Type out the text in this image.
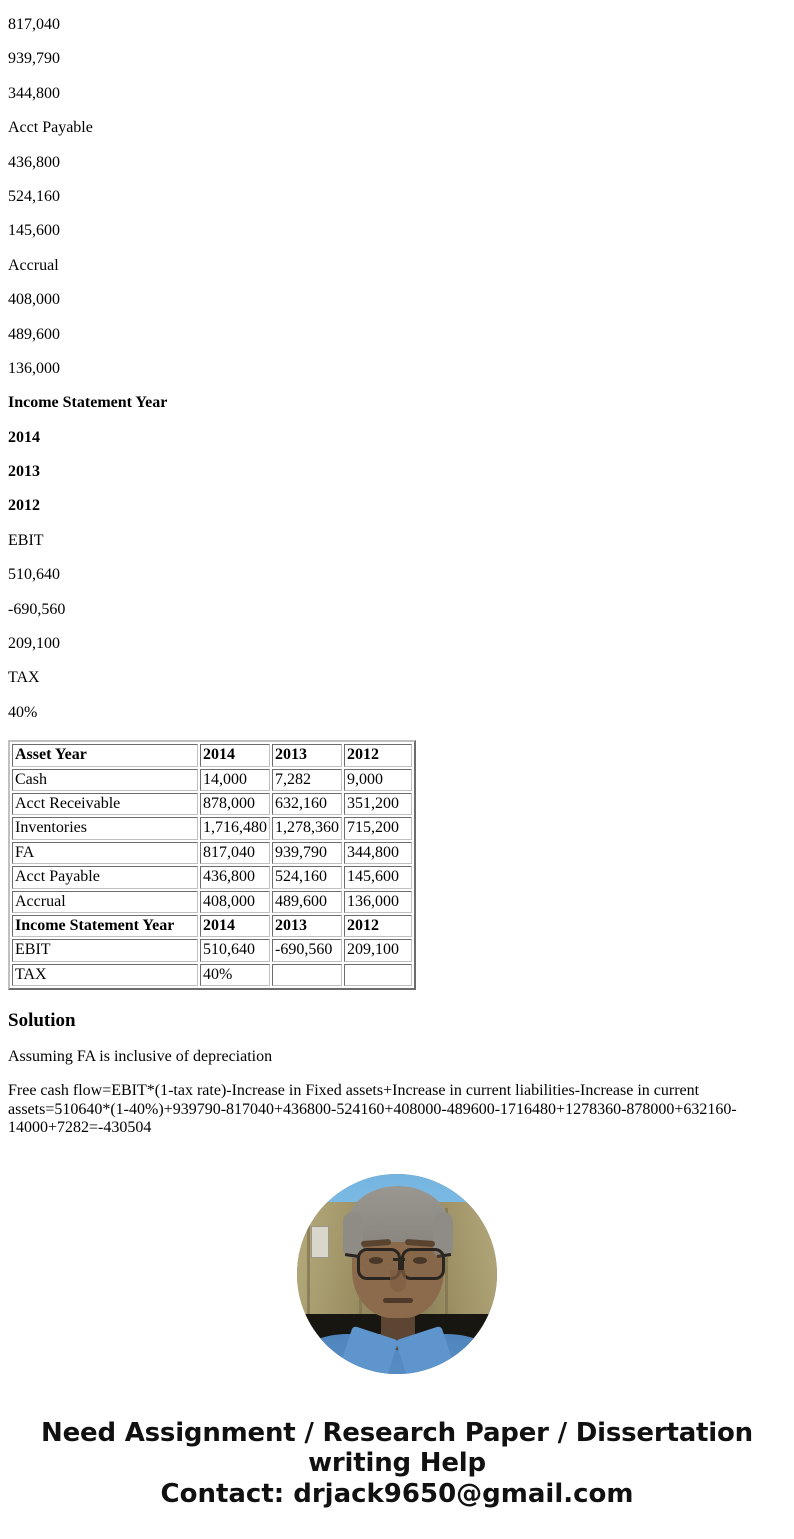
817,040

939,790

344,800

Acct Payable

436,800

524,160

145,600

Accrual

408,000

489,600

136,000

Income Statement Year

2014

2013

2012

EBIT

510,640

-690,560

209,100

TAX

40%

Asset Year	2014	2013	2012
Cash	14,000	7,282	9,000
Acct Receivable	878,000	632,160	351,200
Inventories	1,716,480	1,278,360	715,200
FA	817,040	939,790	344,800
Acct Payable	436,800	524,160	145,600
Accrual	408,000	489,600	136,000
Income Statement Year	2014	2013	2012
EBIT	510,640	-690,560	209,100
TAX	40%		
Solution

Assuming FA is inclusive of depreciation

Free cash flow=EBIT*(1-tax rate)-Increase in Fixed assets+Increase in current liabilities-Increase in current assets=510640*(1-40%)+939790-817040+436800-524160+408000-489600-1716480+1278360-878000+632160-14000+7282=-430504

Need Assignment / Research Paper / Dissertation
writing Help
Contact: drjack9650@gmail.com
